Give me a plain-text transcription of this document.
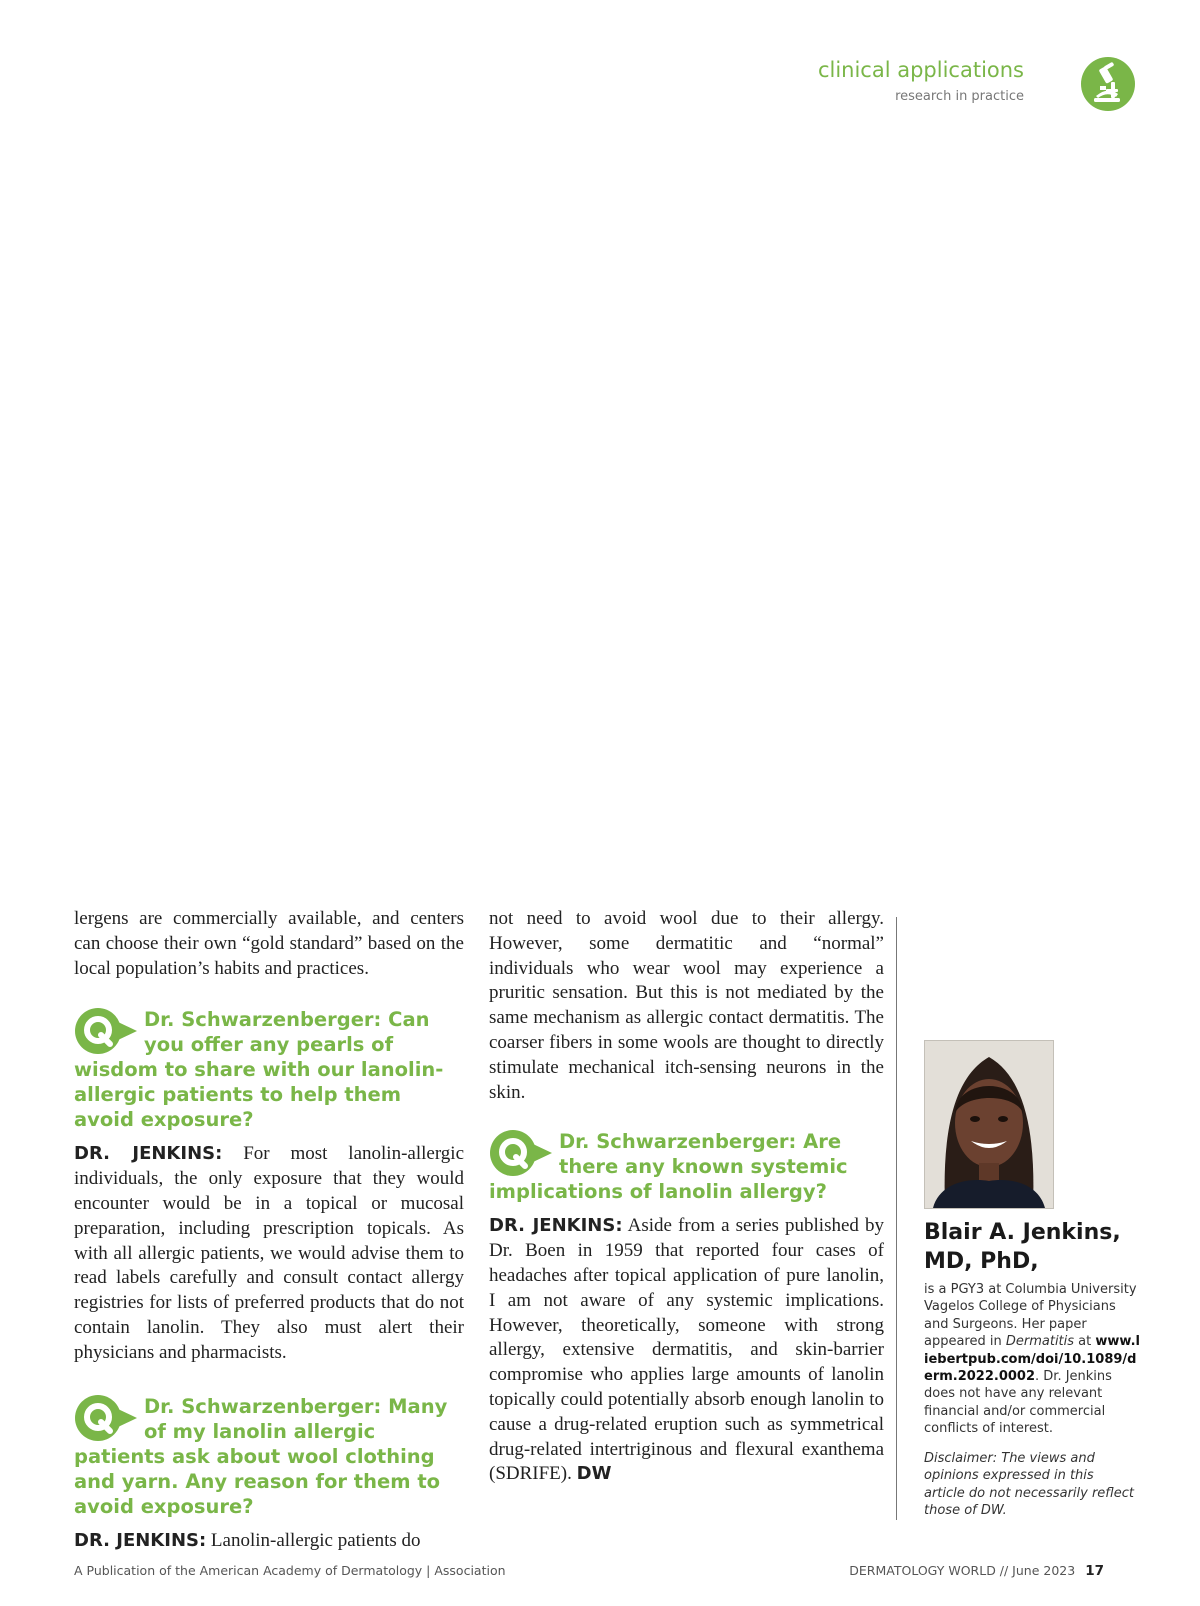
clinical applications
research in practice

lergens are commercially available, and centers can choose their own “gold standard” based on the local population’s habits and practices.

Dr. Schwarzenberger: Can you offer any pearls of wisdom to share with our lanolin-allergic patients to help them avoid exposure?

DR. JENKINS: For most lanolin-allergic individuals, the only exposure that they would encounter would be in a topical or mucosal preparation, including prescription topicals. As with all allergic patients, we would advise them to read labels carefully and consult contact allergy registries for lists of preferred products that do not contain lanolin. They also must alert their physicians and pharmacists.

Dr. Schwarzenberger: Many of my lanolin allergic patients ask about wool clothing and yarn. Any reason for them to avoid exposure?

DR. JENKINS: Lanolin-allergic patients do

not need to avoid wool due to their allergy. However, some dermatitic and “normal” individuals who wear wool may experience a pruritic sensation. But this is not mediated by the same mechanism as allergic contact dermatitis. The coarser fibers in some wools are thought to directly stimulate mechanical itch-sensing neurons in the skin.

Dr. Schwarzenberger: Are there any known systemic implications of lanolin allergy?

DR. JENKINS: Aside from a series published by Dr. Boen in 1959 that reported four cases of headaches after topical application of pure lanolin, I am not aware of any systemic implications. However, theoretically, someone with strong allergy, extensive dermatitis, and skin-barrier compromise who applies large amounts of lanolin topically could potentially absorb enough lanolin to cause a drug-related eruption such as symmetrical drug-related intertriginous and flexural exanthema (SDRIFE). DW

Blair A. Jenkins, MD, PhD,
is a PGY3 at Columbia University Vagelos College of Physicians and Surgeons. Her paper appeared in Dermatitis at www.liebertpub.com/doi/10.1089/derm.2022.0002. Dr. Jenkins does not have any relevant financial and/or commercial conflicts of interest.
Disclaimer: The views and opinions expressed in this article do not necessarily reflect those of DW.
A Publication of the American Academy of Dermatology | Association	DERMATOLOGY WORLD // June 2023 17
